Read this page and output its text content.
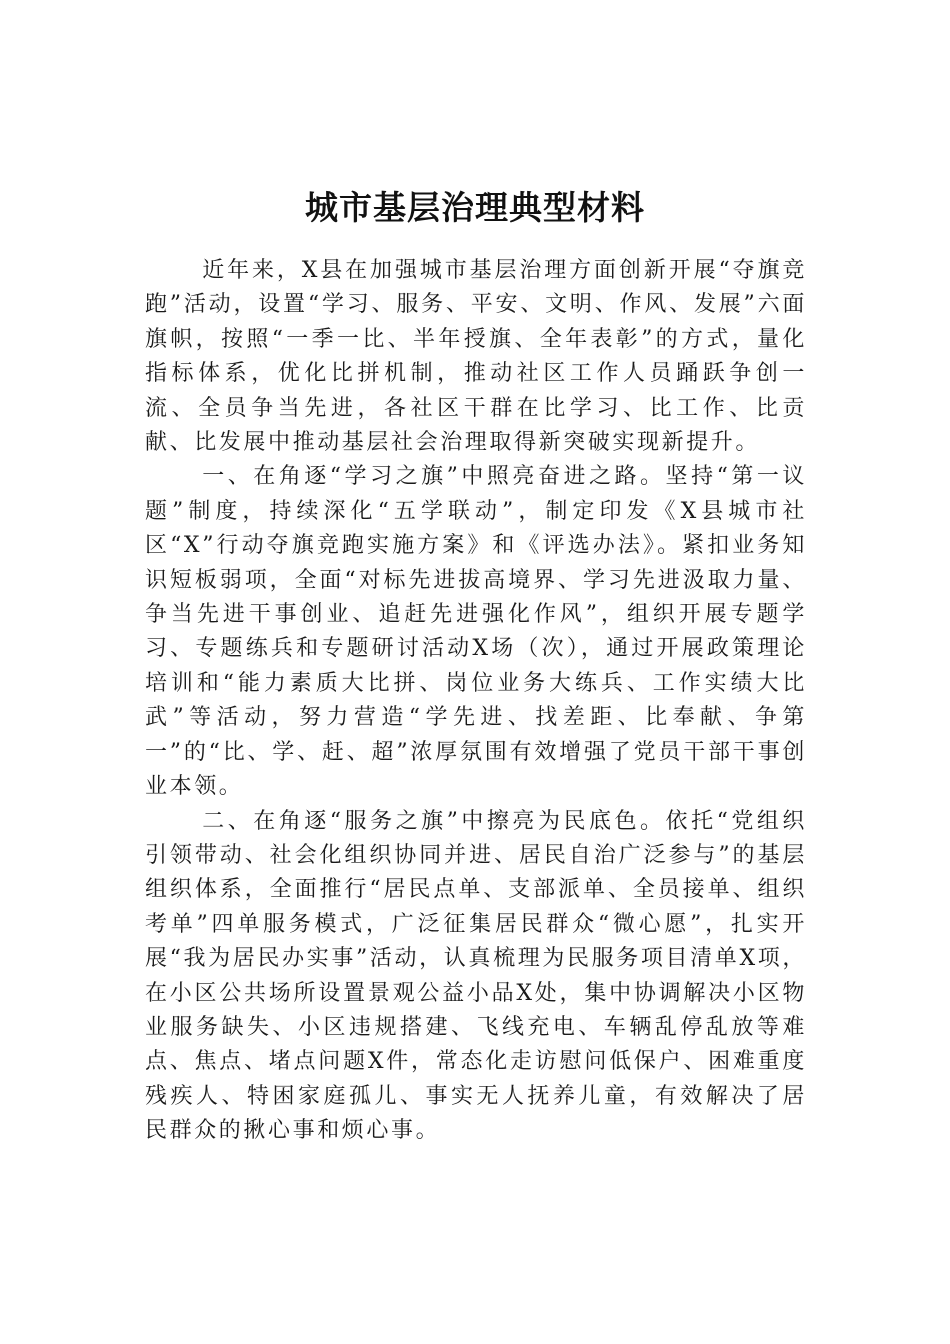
城市基层治理典型材料

近年来，X县在加强城市基层治理方面创新开展“夺旗竞跑”活动，设置“学习、服务、平安、文明、作风、发展”六面旗帜，按照“一季一比、半年授旗、全年表彰”的方式，量化指标体系，优化比拼机制，推动社区工作人员踊跃争创一流、全员争当先进，各社区干群在比学习、比工作、比贡献、比发展中推动基层社会治理取得新突破实现新提升。

一、在角逐“学习之旗”中照亮奋进之路。坚持“第一议题”制度，持续深化“五学联动”，制定印发《X县城市社区“X”行动夺旗竞跑实施方案》和《评选办法》。紧扣业务知识短板弱项，全面“对标先进拔高境界、学习先进汲取力量、争当先进干事创业、追赶先进强化作风”，组织开展专题学习、专题练兵和专题研讨活动X场（次），通过开展政策理论培训和“能力素质大比拼、岗位业务大练兵、工作实绩大比武”等活动，努力营造“学先进、找差距、比奉献、争第一”的“比、学、赶、超”浓厚氛围有效增强了党员干部干事创业本领。

二、在角逐“服务之旗”中擦亮为民底色。依托“党组织引领带动、社会化组织协同并进、居民自治广泛参与”的基层组织体系，全面推行“居民点单、支部派单、全员接单、组织考单”四单服务模式，广泛征集居民群众“微心愿”，扎实开展“我为居民办实事”活动，认真梳理为民服务项目清单X项，在小区公共场所设置景观公益小品X处，集中协调解决小区物业服务缺失、小区违规搭建、飞线充电、车辆乱停乱放等难点、焦点、堵点问题X件，常态化走访慰问低保户、困难重度残疾人、特困家庭孤儿、事实无人抚养儿童，有效解决了居民群众的揪心事和烦心事。
